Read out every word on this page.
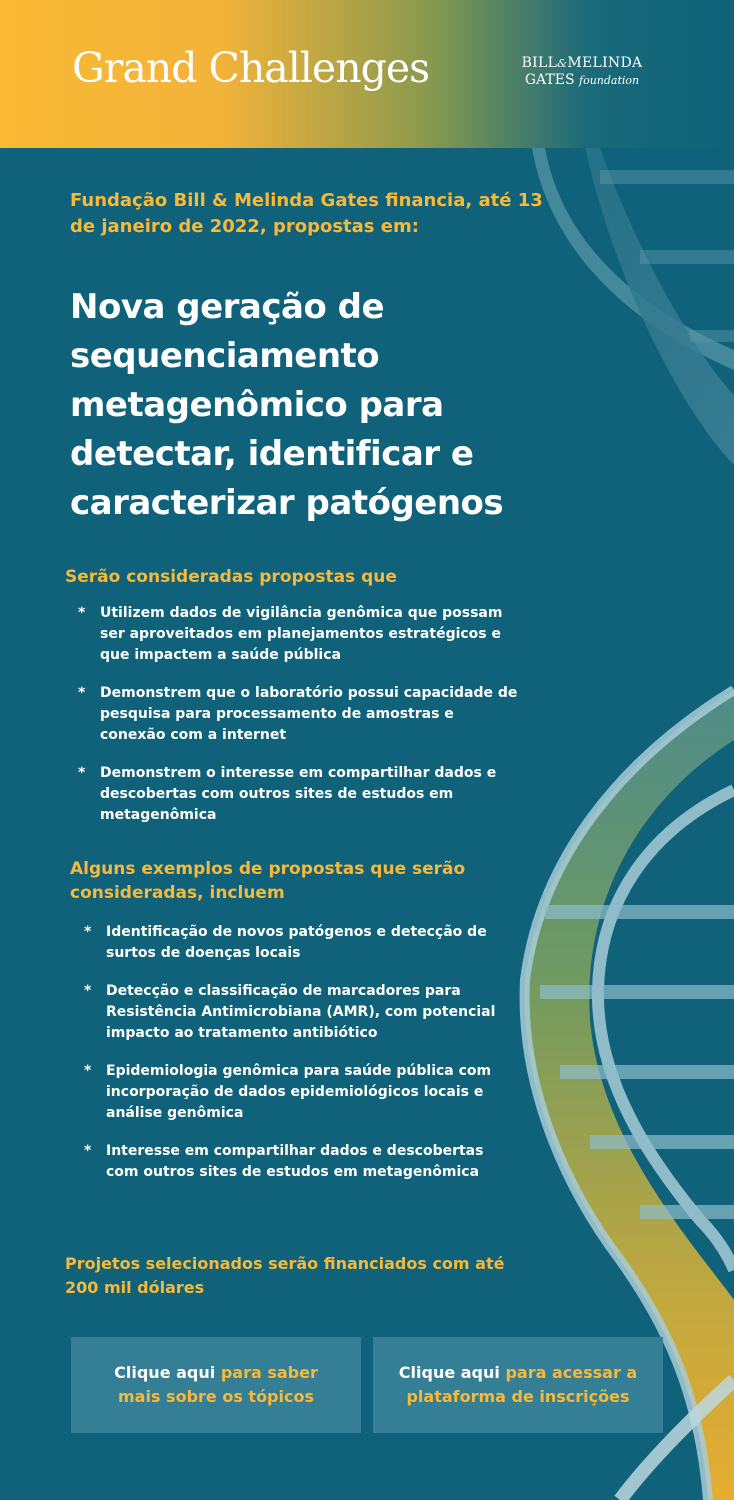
Grand Challenges	BILL&MELINDA
GATES foundation
Fundação Bill & Melinda Gates financia, até 13 de janeiro de 2022, propostas em:
Nova geração de sequenciamento metagenômico para detectar, identificar e caracterizar patógenos
Serão consideradas propostas que
* Utilizem dados de vigilância genômica que possam ser aproveitados em planejamentos estratégicos e que impactem a saúde pública
* Demonstrem que o laboratório possui capacidade de pesquisa para processamento de amostras e conexão com a internet
* Demonstrem o interesse em compartilhar dados e descobertas com outros sites de estudos em metagenômica
Alguns exemplos de propostas que serão consideradas, incluem
* Identificação de novos patógenos e detecção de surtos de doenças locais
* Detecção e classificação de marcadores para Resistência Antimicrobiana (AMR), com potencial impacto ao tratamento antibiótico
* Epidemiologia genômica para saúde pública com incorporação de dados epidemiológicos locais e análise genômica
* Interesse em compartilhar dados e descobertas com outros sites de estudos em metagenômica
Projetos selecionados serão financiados com até 200 mil dólares
Clique aqui para saber mais sobre os tópicos
Clique aqui para acessar a plataforma de inscrições
